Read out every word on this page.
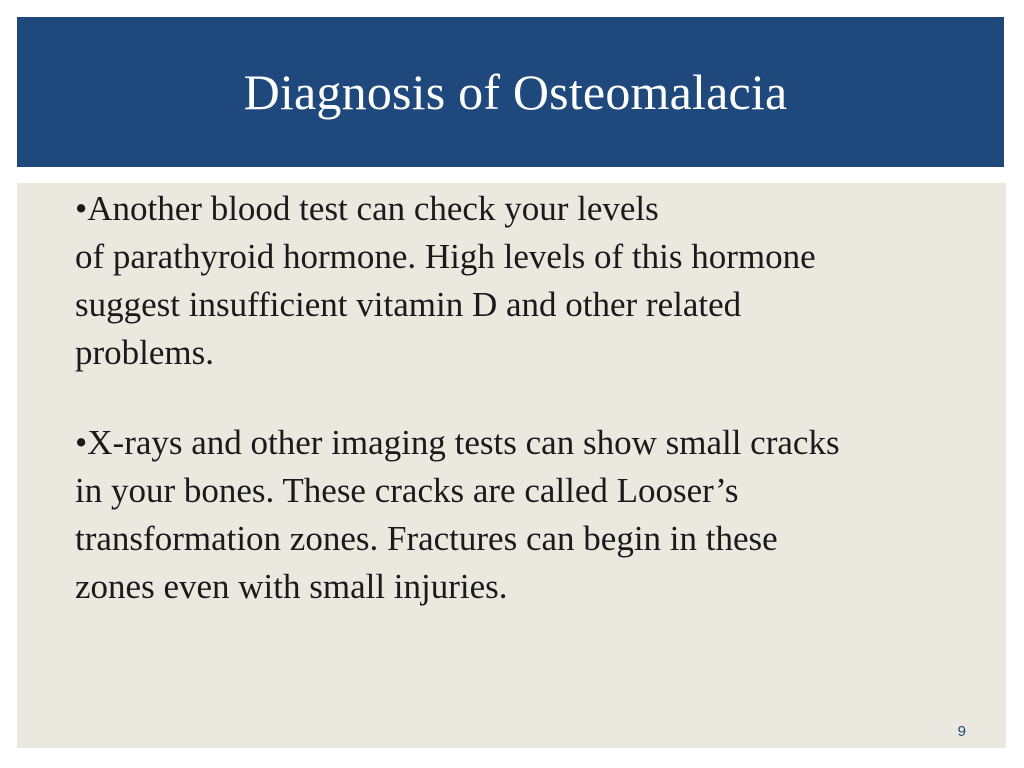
Diagnosis of Osteomalacia

•Another blood test can check your levels
of parathyroid hormone. High levels of this hormone
suggest insufficient vitamin D and other related
problems.

•X-rays and other imaging tests can show small cracks
in your bones. These cracks are called Looser’s
transformation zones. Fractures can begin in these
zones even with small injuries.

9
